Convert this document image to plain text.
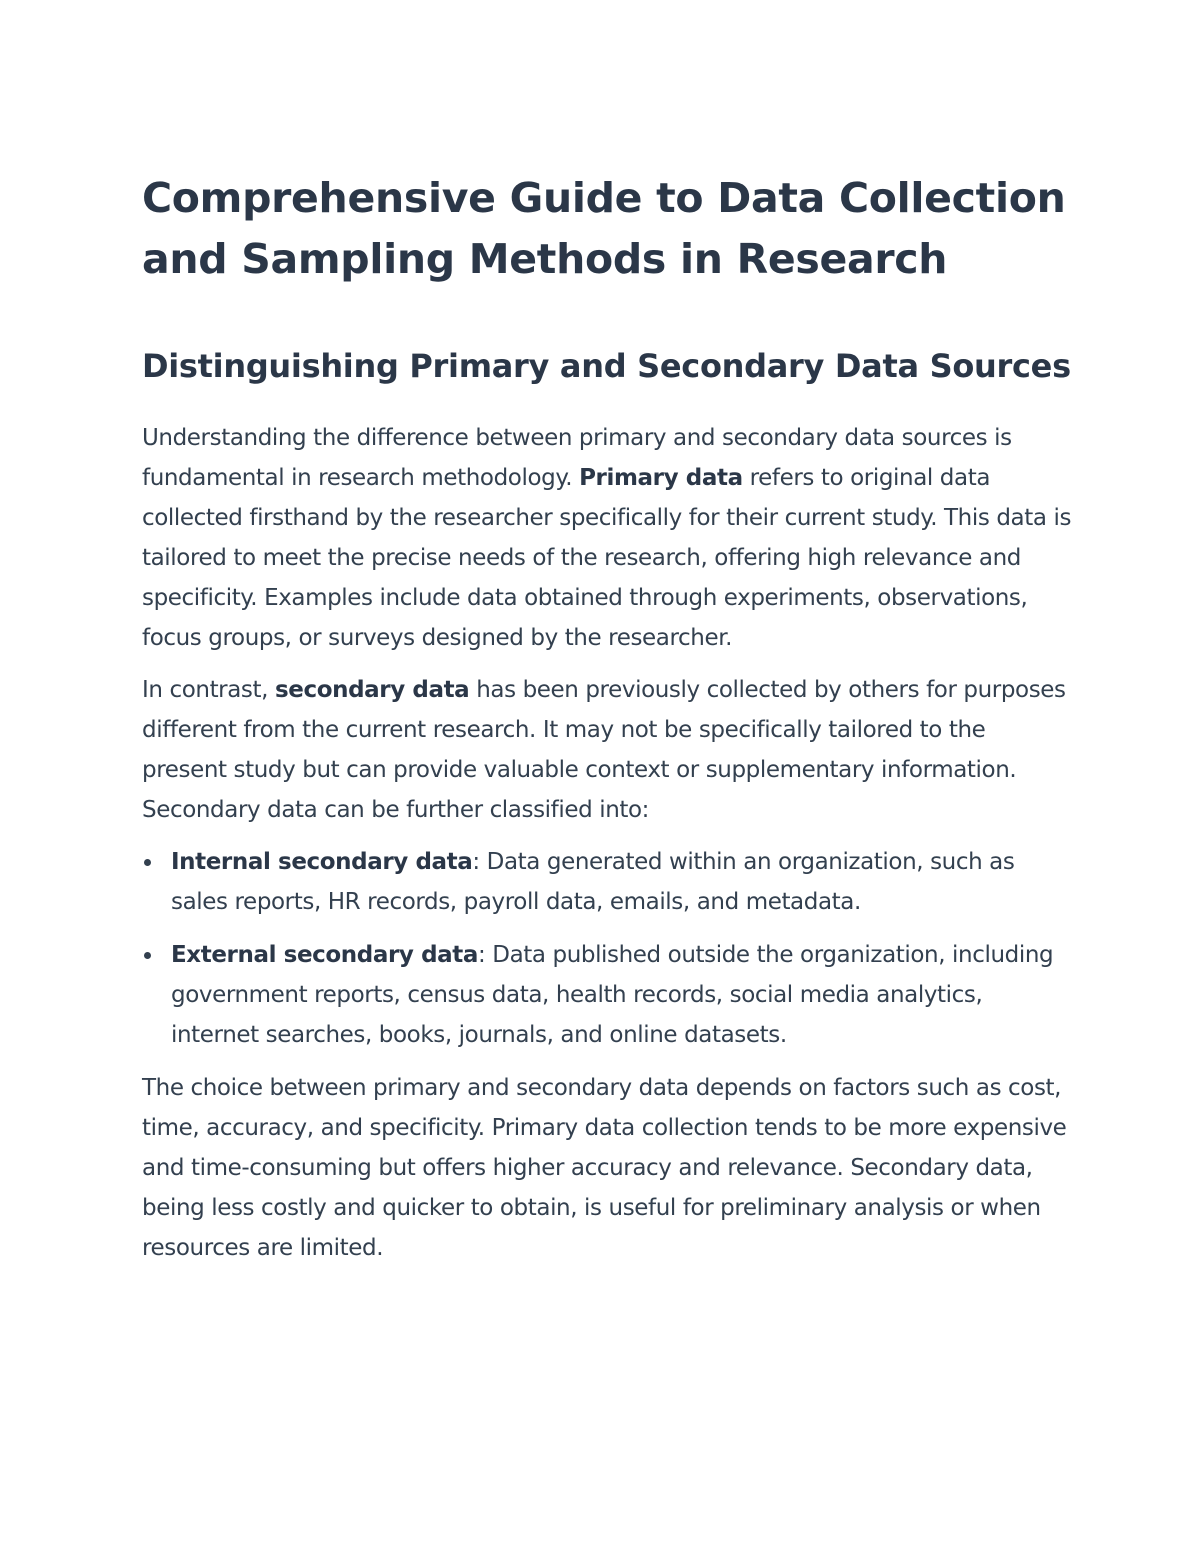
Comprehensive Guide to Data Collection and Sampling Methods in Research
Distinguishing Primary and Secondary Data Sources

Understanding the difference between primary and secondary data sources is fundamental in research methodology. Primary data refers to original data collected firsthand by the researcher specifically for their current study. This data is tailored to meet the precise needs of the research, offering high relevance and specificity. Examples include data obtained through experiments, observations, focus groups, or surveys designed by the researcher.

In contrast, secondary data has been previously collected by others for purposes different from the current research. It may not be specifically tailored to the present study but can provide valuable context or supplementary information. Secondary data can be further classified into:

Internal secondary data: Data generated within an organization, such as sales reports, HR records, payroll data, emails, and metadata.
External secondary data: Data published outside the organization, including government reports, census data, health records, social media analytics, internet searches, books, journals, and online datasets.

The choice between primary and secondary data depends on factors such as cost, time, accuracy, and specificity. Primary data collection tends to be more expensive and time-consuming but offers higher accuracy and relevance. Secondary data, being less costly and quicker to obtain, is useful for preliminary analysis or when resources are limited.
